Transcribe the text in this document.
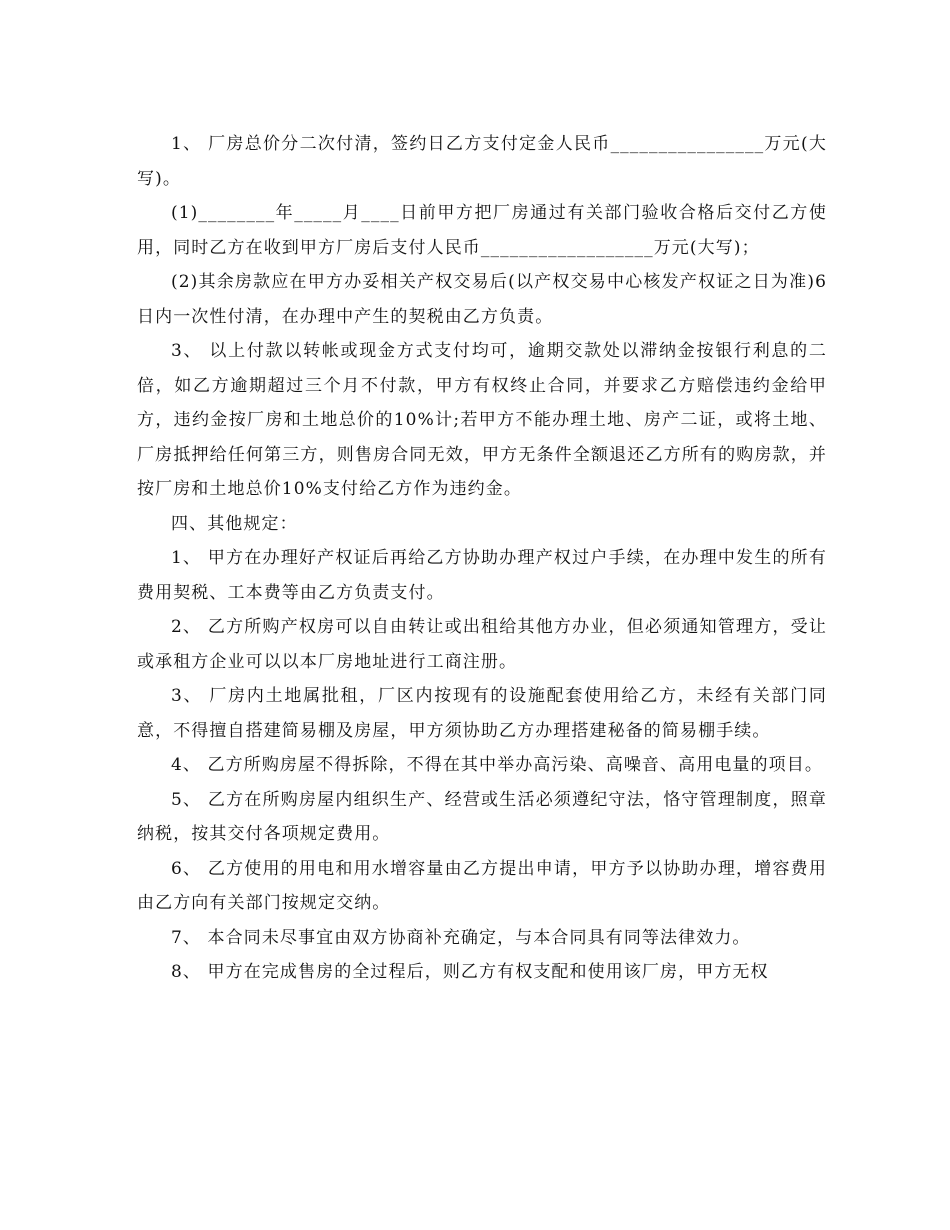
1、 厂房总价分二次付清，签约日乙方支付定金人民币________________万元(大写)。

(1)________年_____月____日前甲方把厂房通过有关部门验收合格后交付乙方使用，同时乙方在收到甲方厂房后支付人民币__________________万元(大写)；

(2)其余房款应在甲方办妥相关产权交易后(以产权交易中心核发产权证之日为准)6日内一次性付清，在办理中产生的契税由乙方负责。

3、 以上付款以转帐或现金方式支付均可，逾期交款处以滞纳金按银行利息的二倍，如乙方逾期超过三个月不付款，甲方有权终止合同，并要求乙方赔偿违约金给甲方，违约金按厂房和土地总价的10%计;若甲方不能办理土地、房产二证，或将土地、厂房抵押给任何第三方，则售房合同无效，甲方无条件全额退还乙方所有的购房款，并按厂房和土地总价10%支付给乙方作为违约金。

四、其他规定：

1、 甲方在办理好产权证后再给乙方协助办理产权过户手续，在办理中发生的所有费用契税、工本费等由乙方负责支付。

2、 乙方所购产权房可以自由转让或出租给其他方办业，但必须通知管理方，受让或承租方企业可以以本厂房地址进行工商注册。

3、 厂房内土地属批租，厂区内按现有的设施配套使用给乙方，未经有关部门同意，不得擅自搭建简易棚及房屋，甲方须协助乙方办理搭建秘备的简易棚手续。

4、 乙方所购房屋不得拆除，不得在其中举办高污染、高噪音、高用电量的项目。

5、 乙方在所购房屋内组织生产、经营或生活必须遵纪守法，恪守管理制度，照章纳税，按其交付各项规定费用。

6、 乙方使用的用电和用水增容量由乙方提出申请，甲方予以协助办理，增容费用由乙方向有关部门按规定交纳。

7、 本合同未尽事宜由双方协商补充确定，与本合同具有同等法律效力。

8、 甲方在完成售房的全过程后，则乙方有权支配和使用该厂房，甲方无权
